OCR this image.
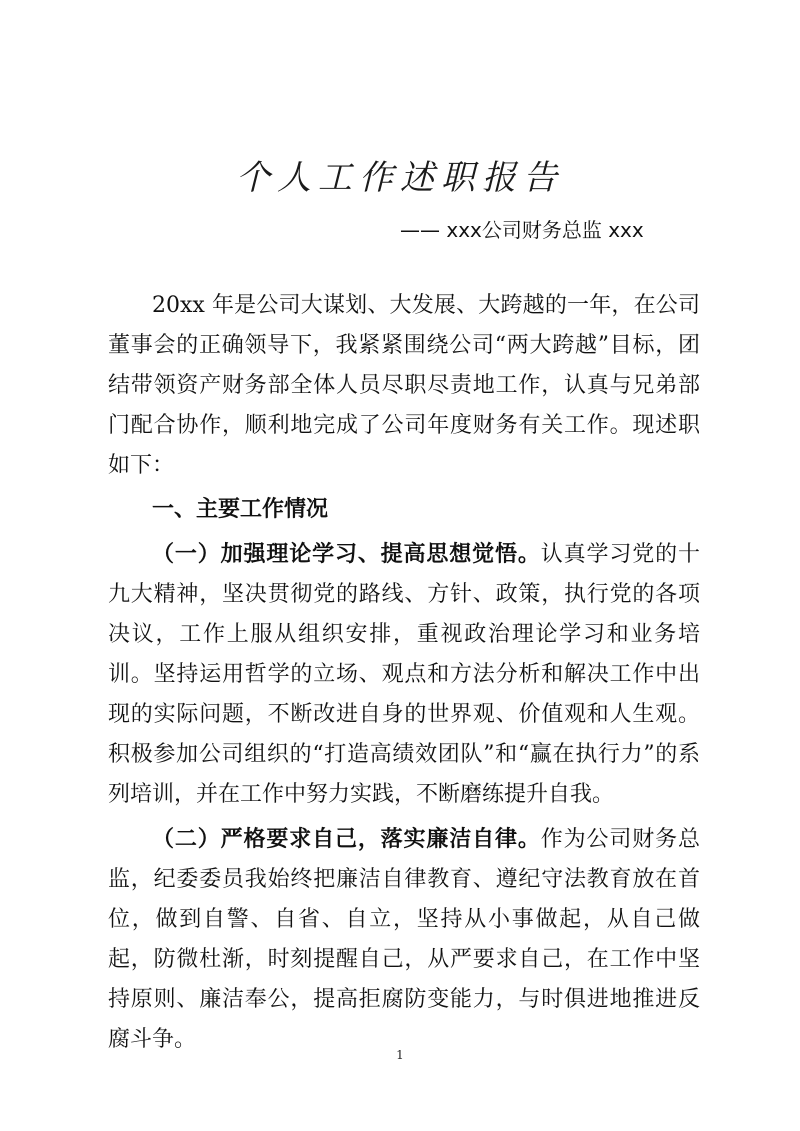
个人工作述职报告
—— xxx公司财务总监 xxx

20xx 年是公司大谋划、大发展、大跨越的一年，在公司董事会的正确领导下，我紧紧围绕公司“两大跨越”目标，团结带领资产财务部全体人员尽职尽责地工作，认真与兄弟部门配合协作，顺利地完成了公司年度财务有关工作。现述职如下：

一、主要工作情况

（一）加强理论学习、提高思想觉悟。认真学习党的十九大精神，坚决贯彻党的路线、方针、政策，执行党的各项决议，工作上服从组织安排，重视政治理论学习和业务培训。坚持运用哲学的立场、观点和方法分析和解决工作中出现的实际问题，不断改进自身的世界观、价值观和人生观。积极参加公司组织的“打造高绩效团队”和“赢在执行力”的系列培训，并在工作中努力实践，不断磨练提升自我。

（二）严格要求自己，落实廉洁自律。作为公司财务总监，纪委委员我始终把廉洁自律教育、遵纪守法教育放在首位，做到自警、自省、自立，坚持从小事做起，从自己做起，防微杜渐，时刻提醒自己，从严要求自己，在工作中坚持原则、廉洁奉公，提高拒腐防变能力，与时俱进地推进反腐斗争。

1
